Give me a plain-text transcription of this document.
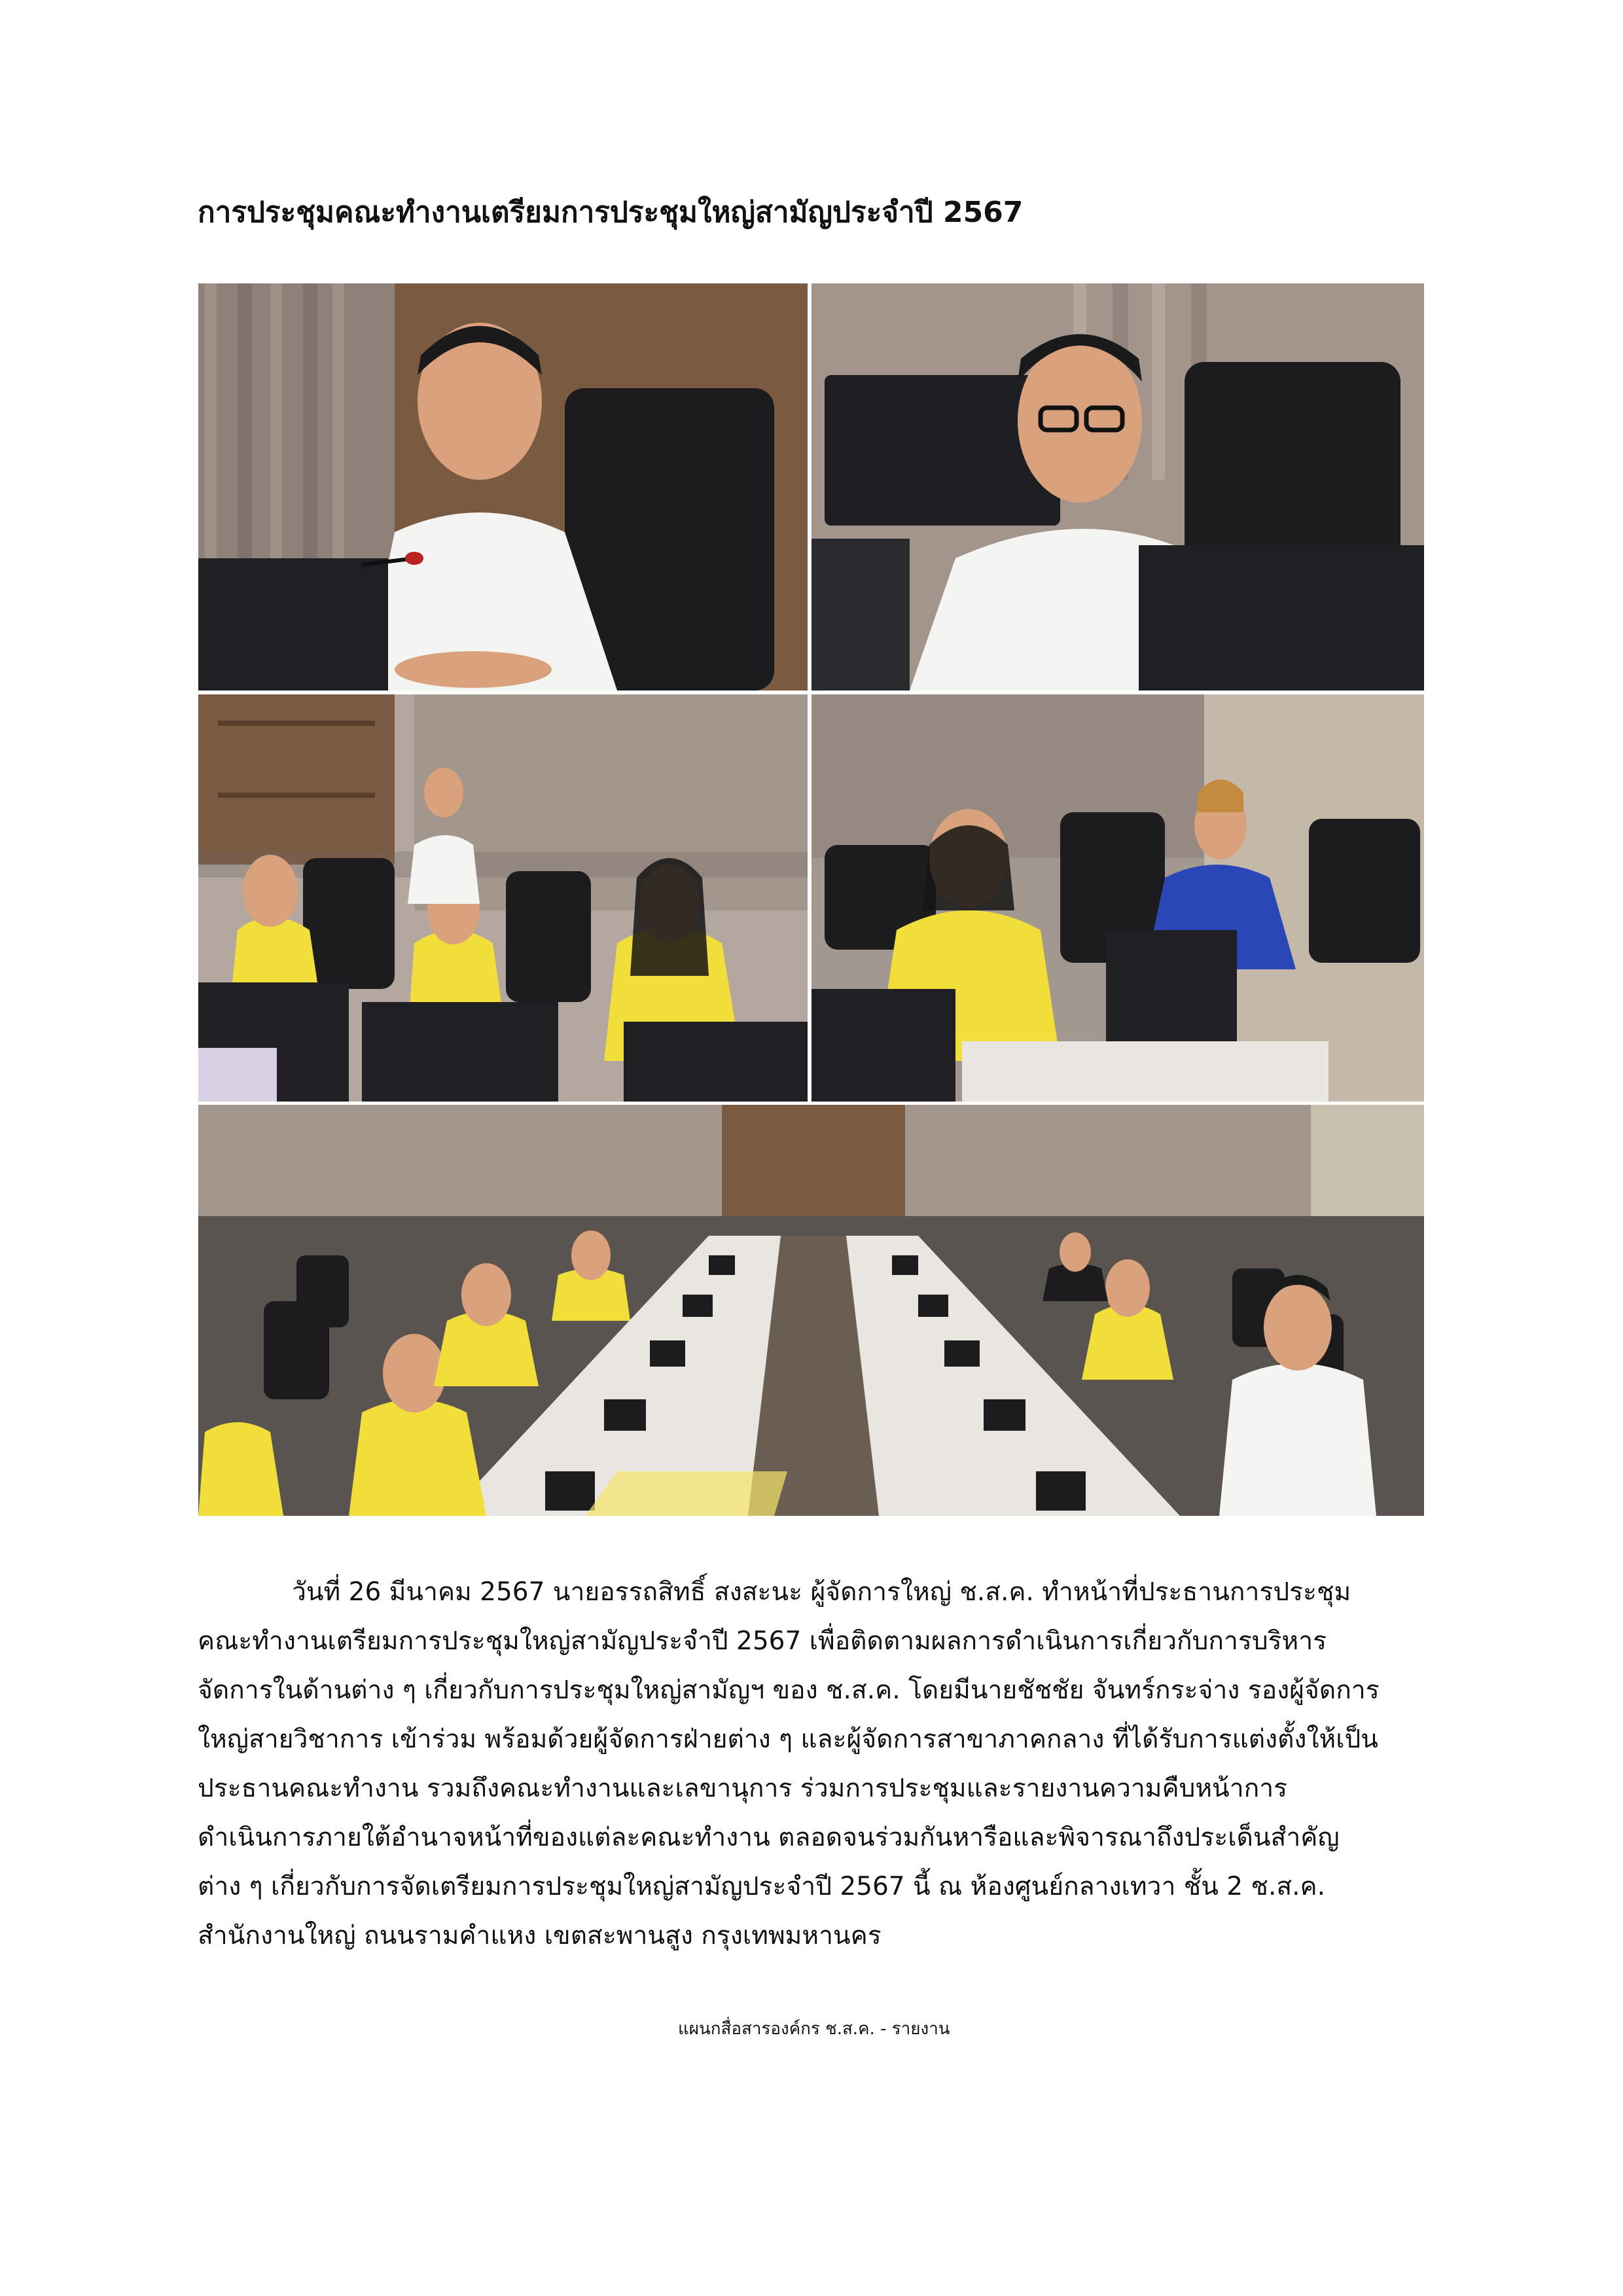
การประชุมคณะทำงานเตรียมการประชุมใหญ่สามัญประจำปี 2567
วันที่ 26 มีนาคม 2567 นายอรรถสิทธิ์ สงสะนะ ผู้จัดการใหญ่ ช.ส.ค. ทำหน้าที่ประธานการประชุม
คณะทำงานเตรียมการประชุมใหญ่สามัญประจำปี 2567 เพื่อติดตามผลการดำเนินการเกี่ยวกับการบริหาร
จัดการในด้านต่าง ๆ เกี่ยวกับการประชุมใหญ่สามัญฯ ของ ช.ส.ค. โดยมีนายชัชชัย จันทร์กระจ่าง รองผู้จัดการ
ใหญ่สายวิชาการ เข้าร่วม พร้อมด้วยผู้จัดการฝ่ายต่าง ๆ และผู้จัดการสาขาภาคกลาง ที่ได้รับการแต่งตั้งให้เป็น
ประธานคณะทำงาน รวมถึงคณะทำงานและเลขานุการ ร่วมการประชุมและรายงานความคืบหน้าการ
ดำเนินการภายใต้อำนาจหน้าที่ของแต่ละคณะทำงาน ตลอดจนร่วมกันหารือและพิจารณาถึงประเด็นสำคัญ
ต่าง ๆ เกี่ยวกับการจัดเตรียมการประชุมใหญ่สามัญประจำปี 2567 นี้ ณ ห้องศูนย์กลางเทวา ชั้น 2 ช.ส.ค.
สำนักงานใหญ่ ถนนรามคำแหง เขตสะพานสูง กรุงเทพมหานคร
แผนกสื่อสารองค์กร ช.ส.ค. - รายงาน
